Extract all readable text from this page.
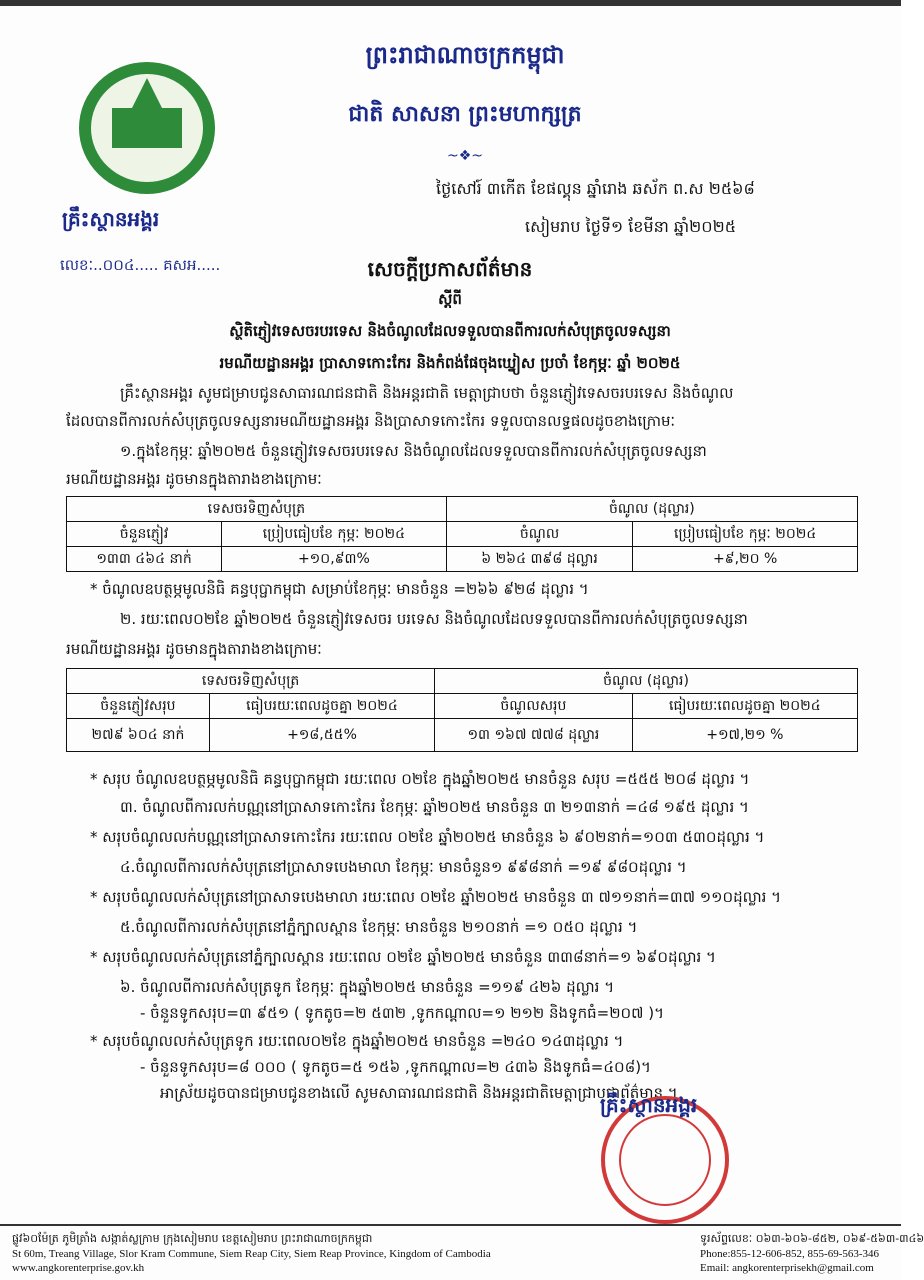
គ្រឹះស្ថានអង្គរ
ព្រះរាជាណាចក្រកម្ពុជា
ជាតិ សាសនា ព្រះមហាក្សត្រ
~❖~
លេខៈ..០០៤..... គសអ.....
ថ្ងៃសៅរ៍ ៣កើត ខែផល្គុន ឆ្នាំរោង ឆស័ក ព.ស ២៥៦៨
សៀមរាប ថ្ងៃទី១ ខែមីនា ឆ្នាំ២០២៥
សេចក្តីប្រកាសព័ត៌មាន
ស្តីពី
ស្ថិតិភ្ញៀវទេសចរបរទេស និងចំណូលដែលទទួលបានពីការលក់សំបុត្រចូលទស្សនា
រមណីយដ្ឋានអង្គរ ប្រាសាទកោះកែរ និងកំពង់ផែចុងឃ្នៀស ប្រចាំ ខែកុម្ភៈ ឆ្នាំ ២០២៥
គ្រឹះស្ថានអង្គរ សូមជម្រាបជូនសាធារណជនជាតិ និងអន្តរជាតិ មេត្តាជ្រាបថា ចំនួនភ្ញៀវទេសចរបរទេស និងចំណូល
ដែលបានពីការលក់សំបុត្រចូលទស្សនារមណីយដ្ឋានអង្គរ និងប្រាសាទកោះកែរ ទទួលបានលទ្ធផលដូចខាងក្រោមៈ
១.ក្នុងខែកុម្ភៈ ឆ្នាំ២០២៥ ចំនួនភ្ញៀវទេសចរបរទេស និងចំណូលដែលទទួលបានពីការលក់សំបុត្រចូលទស្សនា
រមណីយដ្ឋានអង្គរ ដូចមានក្នុងតារាងខាងក្រោមៈ
ទេសចរទិញសំបុត្រ		ចំណូល (ដុល្លារ)	
ចំនួនភ្ញៀវ	ប្រៀបធៀបខែ កុម្ភៈ ២០២៤	ចំណូល	ប្រៀបធៀបខែ កុម្ភៈ ២០២៤
១៣៣ ៤៦៤ នាក់	+១០,៩៣%	៦ ២៦៤ ៣៩៨ ដុល្លារ	+៩,២០ %
* ចំណូលឧបត្ថម្ភមូលនិធិ គន្ធបុប្ផាកម្ពុជា សម្រាប់ខែកុម្ភៈ មានចំនួន =២៦៦ ៩២៨ ដុល្លារ ។
២. រយៈពេល០២ខែ ឆ្នាំ២០២៥ ចំនួនភ្ញៀវទេសចរ បរទេស និងចំណូលដែលទទួលបានពីការលក់សំបុត្រចូលទស្សនា
រមណីយដ្ឋានអង្គរ ដូចមានក្នុងតារាងខាងក្រោមៈ
ទេសចរទិញសំបុត្រ		ចំណូល (ដុល្លារ)	
ចំនួនភ្ញៀវសរុប	ធៀបរយៈពេលដូចគ្នា ២០២៤	ចំណូលសរុប	ធៀបរយៈពេលដូចគ្នា ២០២៤
២៧៩ ៦០៤ នាក់	+១៨,៥៥%	១៣ ១៦៧ ៧៧៨ ដុល្លារ	+១៧,២១ %
* សរុប ចំណូលឧបត្ថម្ភមូលនិធិ គន្ធបុប្ផាកម្ពុជា រយៈពេល ០២ខែ ក្នុងឆ្នាំ២០២៥ មានចំនួន សរុប =៥៥៥ ២០៨ ដុល្លារ ។
៣. ចំណូលពីការលក់បណ្ណនៅប្រាសាទកោះកែរ ខែកុម្ភៈ ឆ្នាំ២០២៥ មានចំនួន ៣ ២១៣នាក់ =៤៨ ១៩៥ ដុល្លារ ។
* សរុបចំណូលលក់បណ្ណនៅប្រាសាទកោះកែរ រយៈពេល ០២ខែ ឆ្នាំ២០២៥ មានចំនួន ៦ ៩០២នាក់=១០៣ ៥៣០ដុល្លារ ។
៤.ចំណូលពីការលក់សំបុត្រនៅប្រាសាទបេងមាលា ខែកុម្ភៈ មានចំនួន១ ៩៩៨នាក់ =១៩ ៩៨០ដុល្លារ ។
* សរុបចំណូលលក់សំបុត្រនៅប្រាសាទបេងមាលា រយៈពេល ០២ខែ ឆ្នាំ២០២៥ មានចំនួន ៣ ៧១១នាក់=៣៧ ១១០ដុល្លារ ។
៥.ចំណូលពីការលក់សំបុត្រនៅភ្នំក្បាលស្ពាន ខែកុម្ភៈ មានចំនួន ២១០នាក់ =១ ០៥០ ដុល្លារ ។
* សរុបចំណូលលក់សំបុត្រនៅភ្នំក្បាលស្ពាន រយៈពេល ០២ខែ ឆ្នាំ២០២៥ មានចំនួន ៣៣៨នាក់=១ ៦៩០ដុល្លារ ។
៦. ចំណូលពីការលក់សំបុត្រទូក ខែកុម្ភៈ ក្នុងឆ្នាំ២០២៥ មានចំនួន =១១៩ ៤២៦ ដុល្លារ ។
- ចំនួនទូកសរុប=៣ ៩៥១ ( ទូកតូច=២ ៥៣២ ,ទូកកណ្តាល=១ ២១២ និងទូកធំ=២០៧ )។
* សរុបចំណូលលក់សំបុត្រទូក រយៈពេល០២ខែ ក្នុងឆ្នាំ២០២៥ មានចំនួន =២៤០ ១៤៣ដុល្លារ ។
- ចំនួនទូកសរុប=៨ ០០០ ( ទូកតូច=៥ ១៥៦ ,ទូកកណ្តាល=២ ៤៣៦ និងទូកធំ=៤០៨)។
អាស្រ័យដូចបានជម្រាបជូនខាងលើ សូមសាធារណជនជាតិ និងអន្តរជាតិមេត្តាជ្រាបជាព័ត៌មាន ។
គ្រឹះស្ថានអង្គរ
ផ្លូវ៦០ម៉ែត្រ ភូមិត្រាំង សង្កាត់ស្លក្រាម ក្រុងសៀមរាប ខេត្តសៀមរាប ព្រះរាជាណាចក្រកម្ពុជា
St 60m, Treang Village, Slor Kram Commune, Siem Reap City, Siem Reap Province, Kingdom of Cambodia
www.angkorenterprise.gov.kh
ទូរស័ព្ទលេខៈ ០៦៣-៦០៦-៨៥២, ០៦៩-៥៦៣-៣៤៦
Phone:855-12-606-852, 855-69-563-346
Email: angkorenterprisekh@gmail.com
